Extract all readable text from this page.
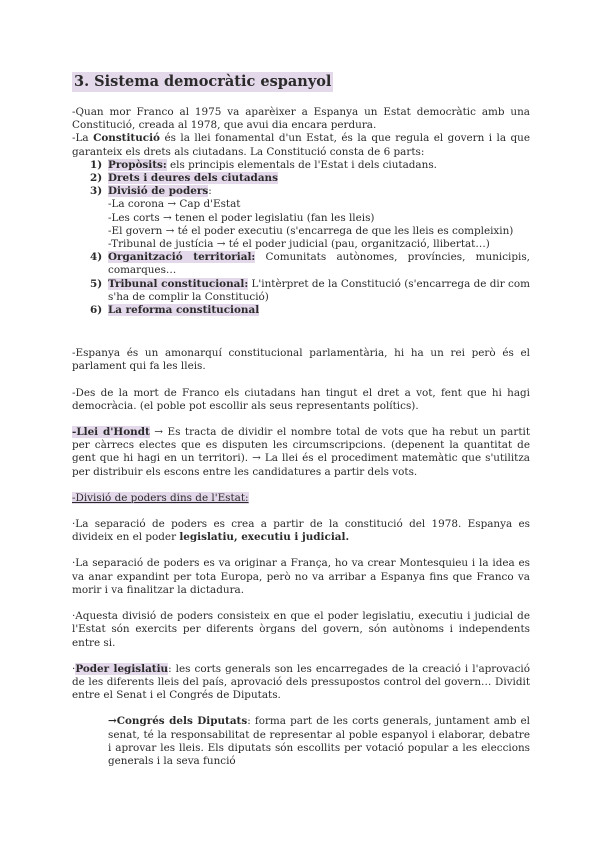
3. Sistema democràtic espanyol

-Quan mor Franco al 1975 va aparèixer a Espanya un Estat democràtic amb una Constitució, creada al 1978, que avui dia encara perdura.

-La Constitució és la llei fonamental d'un Estat, és la que regula el govern i la que garanteix els drets als ciutadans. La Constitució consta de 6 parts:

1) Propòsits: els principis elementals de l'Estat i dels ciutadans.
2) Drets i deures dels ciutadans
3) Divisió de poders:
-La corona → Cap d'Estat
-Les corts → tenen el poder legislatiu (fan les lleis)
-El govern → té el poder executiu (s'encarrega de que les lleis es compleixin)
-Tribunal de justícia → té el poder judicial (pau, organització, llibertat…)
4) Organització territorial: Comunitats autònomes, províncies, municipis, comarques…
5) Tribunal constitucional: L'intèrpret de la Constitució (s'encarrega de dir com s'ha de complir la Constitució)
6) La reforma constitucional

-Espanya és un amonarquí constitucional parlamentària, hi ha un rei però és el parlament qui fa les lleis.

-Des de la mort de Franco els ciutadans han tingut el dret a vot, fent que hi hagi democràcia. (el poble pot escollir als seus representants polítics).

-Llei d'Hondt → Es tracta de dividir el nombre total de vots que ha rebut un partit per càrrecs electes que es disputen les circumscripcions. (depenent la quantitat de gent que hi hagi en un territori). → La llei és el procediment matemàtic que s'utilitza per distribuir els escons entre les candidatures a partir dels vots.

-Divisió de poders dins de l'Estat:

·La separació de poders es crea a partir de la constitució del 1978. Espanya es divideix en el poder legislatiu, executiu i judicial.

·La separació de poders es va originar a França, ho va crear Montesquieu i la idea es va anar expandint per tota Europa, però no va arribar a Espanya fins que Franco va morir i va finalitzar la dictadura.

·Aquesta divisió de poders consisteix en que el poder legislatiu, executiu i judicial de l'Estat són exercits per diferents òrgans del govern, són autònoms i independents entre si.

·Poder legislatiu: les corts generals son les encarregades de la creació i l'aprovació de les diferents lleis del país, aprovació dels pressupostos control del govern… Dividit entre el Senat i el Congrés de Diputats.

→Congrés dels Diputats: forma part de les corts generals, juntament amb el senat, té la responsabilitat de representar al poble espanyol i elaborar, debatre i aprovar les lleis. Els diputats són escollits per votació popular a les eleccions generals i la seva funció
